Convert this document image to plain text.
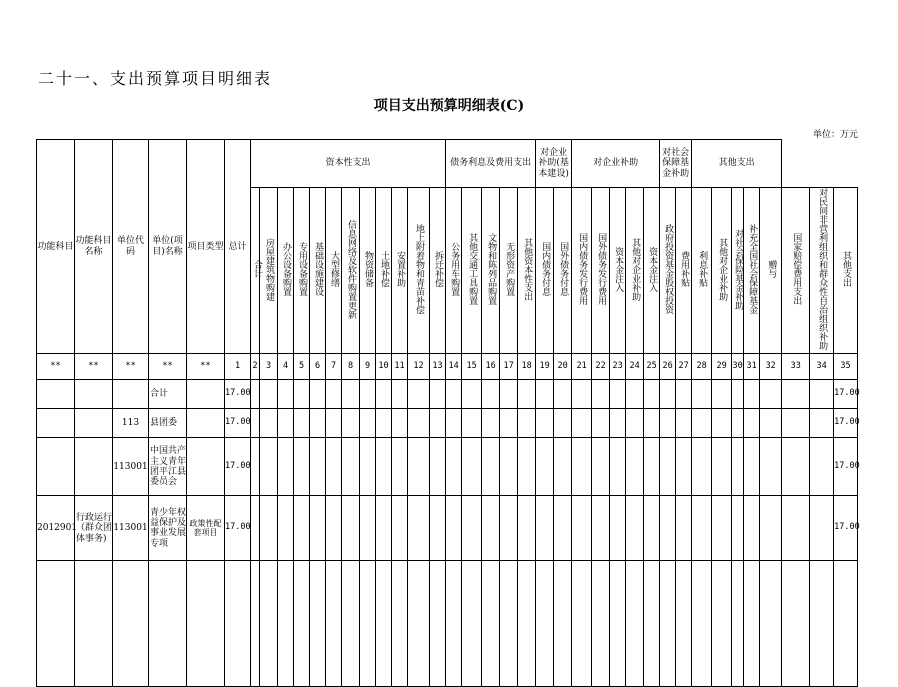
二十一、支出预算项目明细表
项目支出预算明细表(C)
单位：万元
功能科目	功能科目名称	单位代码	单位(项目)名称	项目类型	总计	资本性支出												债务利息及费用支出					对企业补助(基本建设)		对企业补助					对社会保障基金补助		其他支出							
						合计	房屋建筑物购建	办公设备购置	专用设备购置	基础设施建设	大型修缮	信息网络及软件购置更新	物资储备	土地补偿	安置补助	地上附着物和青苗补偿	拆迁补偿	公务用车购置	其他交通工具购置	文物和陈列品购置	无形资产购置	其他资本性支出	国内债务付息	国外债务付息	国内债务发行费用	国外债务发行费用	资本金注入	其他对企业补助	资本金注入	政府投资基金股权投资	费用补贴	利息补贴	其他对企业补助	对社会保险基金补助	补充全国社会保障基金	赠与	国家赔偿费用支出	对民间非营利组织和群众性自治组织补助	其他支出
**	**	**	**	**	1	2	3	4	5	6	7	8	9	10	11	12	13	14	15	16	17	18	19	20	21	22	23	24	25	26	27	28	29	30	31	32	33	34	35
			合计		17.00																																		17.00
		113	县团委		17.00																																		17.00
		113001	中国共产主义青年团平江县委员会		17.00																																		17.00
2012901	行政运行（群众团体事务)	113001	青少年权益保护及事业发展专项	政策性配套项目	17.00																																		17.00
